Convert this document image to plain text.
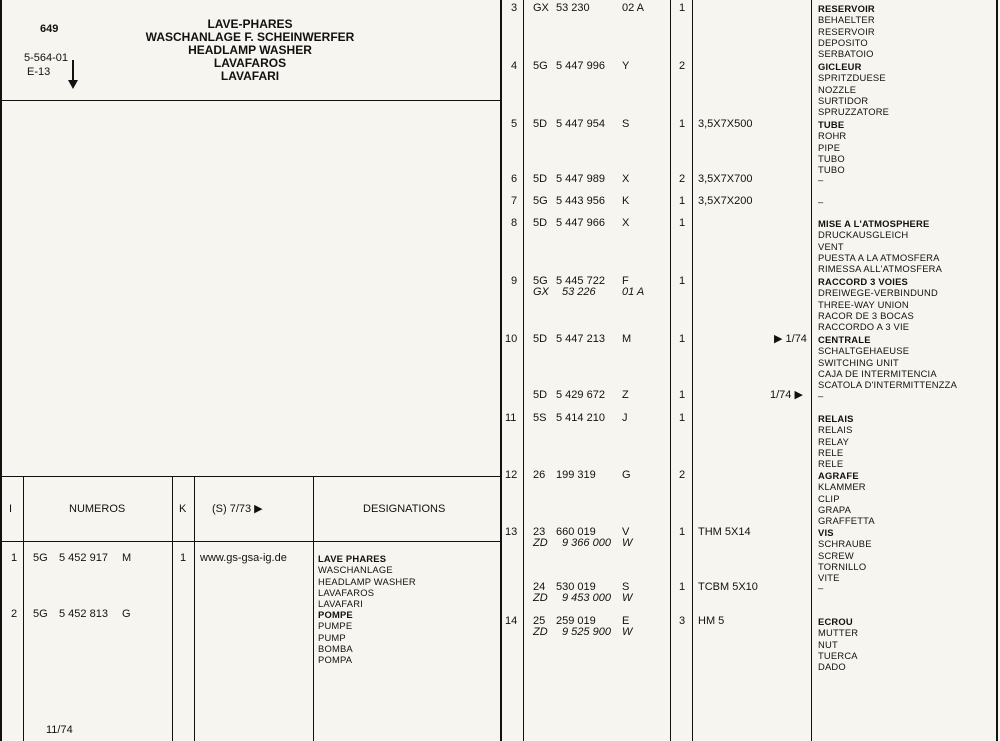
649
5-564-01
E-13
LAVE-PHARES
WASCHANLAGE F. SCHEINWERFER
HEADLAMP WASHER
LAVAFAROS
LAVAFARI
I	NUMEROS	K (S) 7/73 ▶	DESIGNATIONS
1 5G 5 452 917 M	1 www.gs-gsa-ig.de	LAVE PHARES
WASCHANLAGE
HEADLAMP WASHER
LAVAFAROS
LAVAFARI
2 5G 5 452 813 G	POMPE
PUMPE
PUMP
BOMBA
POMPA
11/74
3 GX 53 230	02 A	1	RESERVOIR
BEHAELTER
RESERVOIR
DEPOSITO
SERBATOIO
4 5G 5 447 996 Y	2	GICLEUR
SPRITZDUESE
NOZZLE
SURTIDOR
SPRUZZATORE
5 5D 5 447 954 S	1 3,5X7X500	TUBE
ROHR
PIPE
TUBO
TUBO
6 5D 5 447 989 X	2 3,5X7X700	–
7 5G 5 443 956 K	1 3,5X7X200	–
8 5D 5 447 966 X	1	MISE A L'ATMOSPHERE
DRUCKAUSGLEICH
VENT
PUESTA A LA ATMOSFERA
RIMESSA ALL'ATMOSFERA
9 5G 5 445 722 F	1
GX 53 226 01 A
RACCORD 3 VOIES
DREIWEGE-VERBINDUND
THREE-WAY UNION
RACOR DE 3 BOCAS
RACCORDO A 3 VIE
10 5D 5 447 213 M	1	▶ 1/74 CENTRALE
SCHALTGEHAEUSE
SWITCHING UNIT
CAJA DE INTERMITENCIA
SCATOLA D'INTERMITTENZZA
5D 5 429 672 Z	1	1/74 ▶ –
11 5S 5 414 210 J	1	RELAIS
RELAIS
RELAY
RELE
RELE
12 26 199 319 G	2	AGRAFE
KLAMMER
CLIP
GRAPA
GRAFFETTA
13 23 660 019 V	1 THM 5X14
ZD 9 366 000 W
VIS
SCHRAUBE
SCREW
TORNILLO
VITE
24 530 019 S	1 TCBM 5X10
ZD 9 453 000 W
–
14 25 259 019 E	3 HM 5
ZD 9 525 900 W
ECROU
MUTTER
NUT
TUERCA
DADO
